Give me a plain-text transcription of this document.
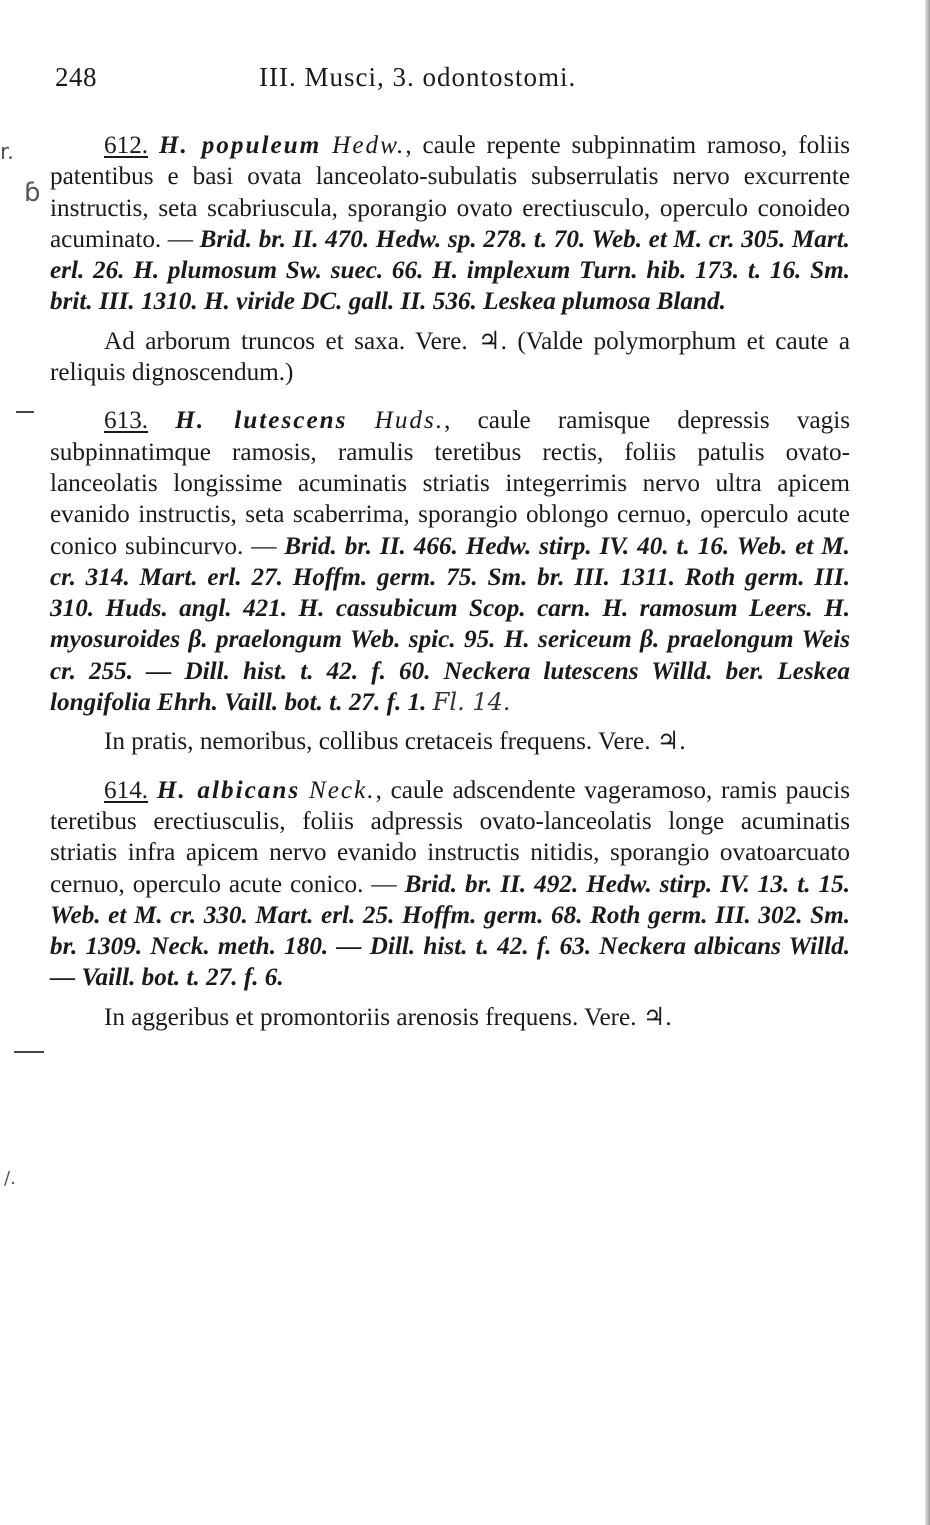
248	III. Musci, 3. odontostomi.
r.
ɓ
/.

612. H. populeum Hedw., caule repente subpinnatim ramoso, foliis patentibus e basi ovata lanceolato-subulatis subserrulatis nervo excurrente instructis, seta scabriuscula, sporangio ovato erectiusculo, operculo conoideo acuminato. — Brid. br. II. 470. Hedw. sp. 278. t. 70. Web. et M. cr. 305. Mart. erl. 26. H. plumosum Sw. suec. 66. H. implexum Turn. hib. 173. t. 16. Sm. brit. III. 1310. H. viride DC. gall. II. 536. Leskea plumosa Bland.

Ad arborum truncos et saxa. Vere. ♃. (Valde polymorphum et caute a reliquis dignoscendum.)

613. H. lutescens Huds., caule ramisque depressis vagis subpinnatimque ramosis, ramulis teretibus rectis, foliis patulis ovato-lanceolatis longissime acuminatis striatis integerrimis nervo ultra apicem evanido instructis, seta scaberrima, sporangio oblongo cernuo, operculo acute conico subincurvo. — Brid. br. II. 466. Hedw. stirp. IV. 40. t. 16. Web. et M. cr. 314. Mart. erl. 27. Hoffm. germ. 75. Sm. br. III. 1311. Roth germ. III. 310. Huds. angl. 421. H. cassubicum Scop. carn. H. ramosum Leers. H. myosuroides β. praelongum Web. spic. 95. H. sericeum β. praelongum Weis cr. 255. — Dill. hist. t. 42. f. 60. Neckera lutescens Willd. ber. Leskea longifolia Ehrh. Vaill. bot. t. 27. f. 1. Fl. 14.

In pratis, nemoribus, collibus cretaceis frequens. Vere. ♃.

614. H. albicans Neck., caule adscendente vageramoso, ramis paucis teretibus erectiusculis, foliis adpressis ovato-lanceolatis longe acuminatis striatis infra apicem nervo evanido instructis nitidis, sporangio ovatoarcuato cernuo, operculo acute conico. — Brid. br. II. 492. Hedw. stirp. IV. 13. t. 15. Web. et M. cr. 330. Mart. erl. 25. Hoffm. germ. 68. Roth germ. III. 302. Sm. br. 1309. Neck. meth. 180. — Dill. hist. t. 42. f. 63. Neckera albicans Willd. — Vaill. bot. t. 27. f. 6.

In aggeribus et promontoriis arenosis frequens. Vere. ♃.
